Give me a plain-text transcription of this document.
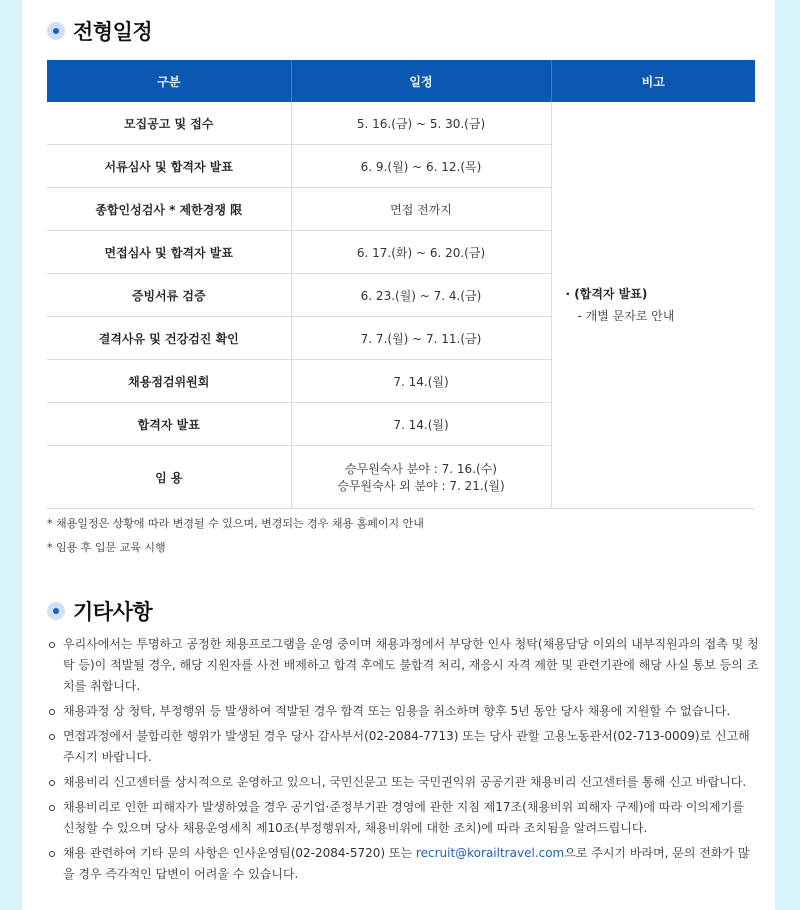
전형일정
구분	일정	비고
모집공고 및 접수	5. 16.(금) ~ 5. 30.(금)	· (합격자 발표)
- 개별 문자로 안내

서류심사 및 합격자 발표	6. 9.(월) ~ 6. 12.(목)	
종합인성검사 * 제한경쟁 限	면접 전까지	
면접심사 및 합격자 발표	6. 17.(화) ~ 6. 20.(금)	
증빙서류 검증	6. 23.(월) ~ 7. 4.(금)	
결격사유 및 건강검진 확인	7. 7.(월) ~ 7. 11.(금)	
채용점검위원회	7. 14.(월)	
합격자 발표	7. 14.(월)	
임 용	승무원숙사 분야 : 7. 16.(수)
승무원숙사 외 분야 : 7. 21.(월)	
* 채용일정은 상황에 따라 변경될 수 있으며, 변경되는 경우 채용 홈페이지 안내
* 임용 후 입문 교육 시행
기타사항
우리사에서는 투명하고 공정한 채용프로그램을 운영 중이며 채용과정에서 부당한 인사 청탁(채용담당 이외의 내부직원과의 접촉 및 청탁 등)이 적발될 경우, 해당 지원자를 사전 배제하고 합격 후에도 불합격 처리, 재응시 자격 제한 및 관련기관에 해당 사실 통보 등의 조치를 취합니다.
채용과정 상 청탁, 부정행위 등 발생하여 적발된 경우 합격 또는 임용을 취소하며 향후 5년 동안 당사 채용에 지원할 수 없습니다.
면접과정에서 불합리한 행위가 발생된 경우 당사 감사부서(02-2084-7713) 또는 당사 관할 고용노동관서(02-713-0009)로 신고해주시기 바랍니다.
채용비리 신고센터를 상시적으로 운영하고 있으니, 국민신문고 또는 국민권익위 공공기관 채용비리 신고센터를 통해 신고 바랍니다.
채용비리로 인한 피해자가 발생하였을 경우 공기업·준정부기관 경영에 관한 지침 제17조(채용비위 피해자 구제)에 따라 이의제기를 신청할 수 있으며 당사 채용운영세칙 제10조(부정행위자, 채용비위에 대한 조치)에 따라 조치됨을 알려드립니다.
채용 관련하여 기타 문의 사항은 인사운영팀(02-2084-5720) 또는 recruit@korailtravel.com으로 주시기 바라며, 문의 전화가 많을 경우 즉각적인 답변이 어려울 수 있습니다.
